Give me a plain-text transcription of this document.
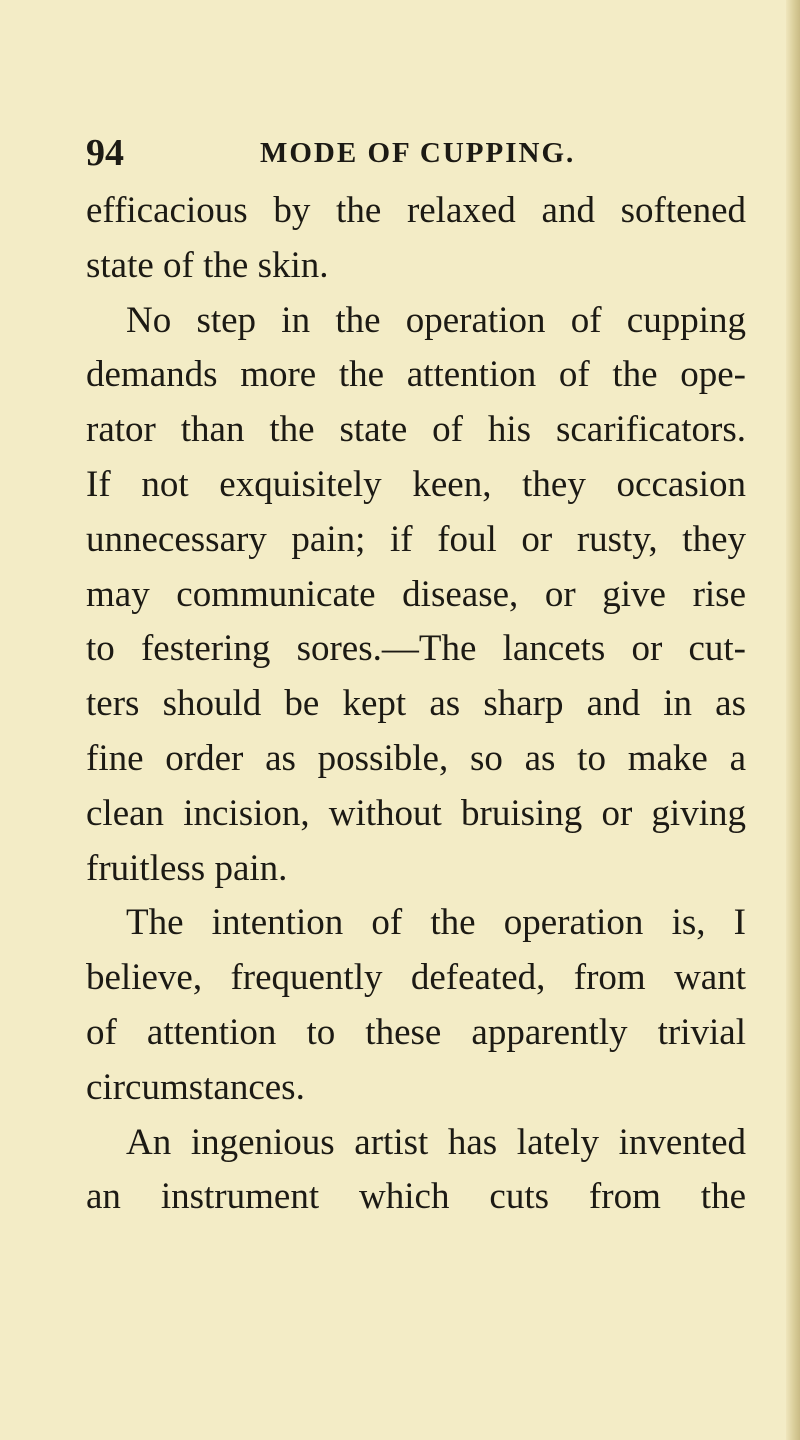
94	MODE OF CUPPING.
efficacious by the relaxed and softened
state of the skin.
No step in the operation of cupping
demands more the attention of the ope-
rator than the state of his scarificators.
If not exquisitely keen, they occasion
unnecessary pain; if foul or rusty, they
may communicate disease, or give rise
to festering sores.—The lancets or cut-
ters should be kept as sharp and in as
fine order as possible, so as to make a
clean incision, without bruising or giving
fruitless pain.
The intention of the operation is, I
believe, frequently defeated, from want
of attention to these apparently trivial
circumstances.
An ingenious artist has lately invented
an instrument which cuts from the
